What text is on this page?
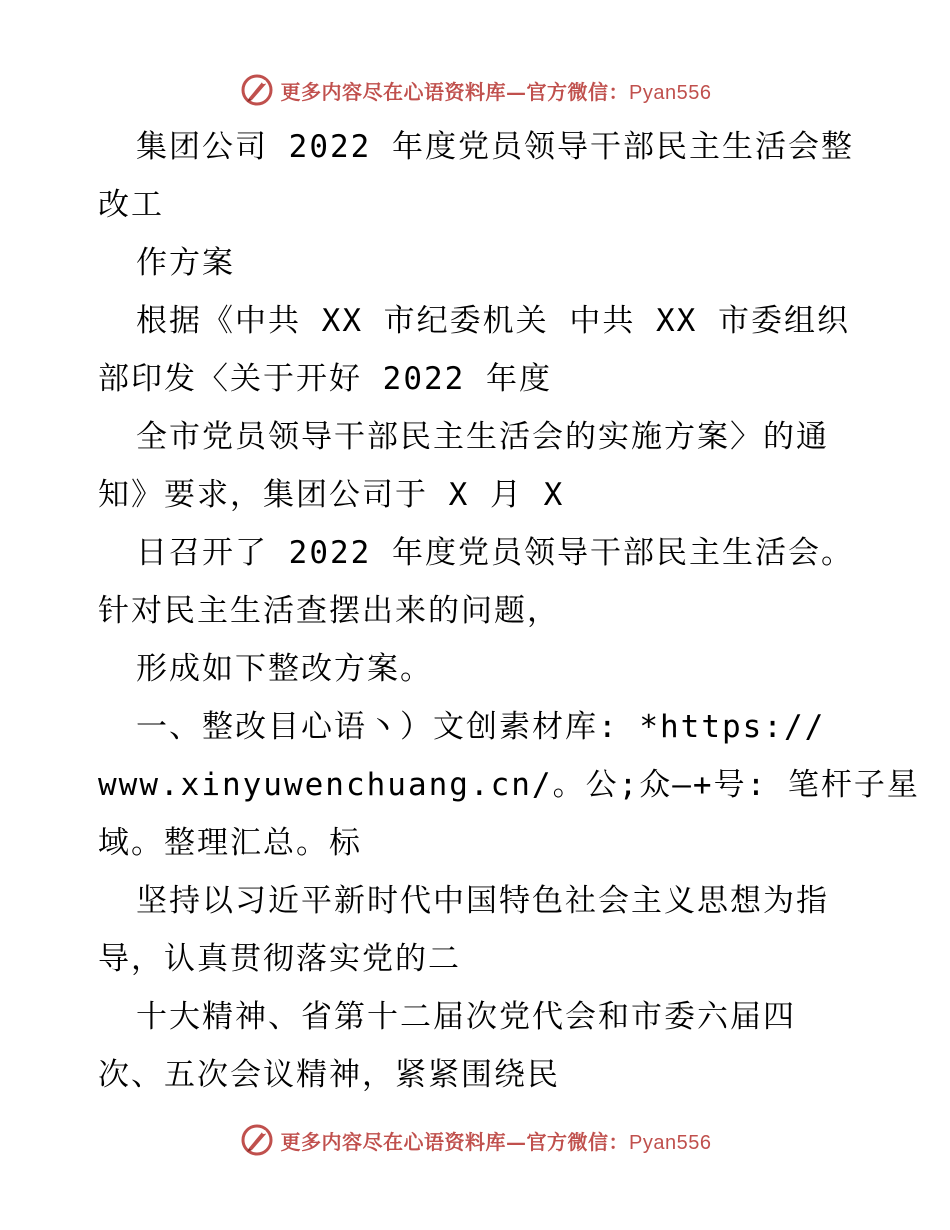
更多内容尽在心语资料库—官方微信：Pyan556

集团公司 2022 年度党员领导干部民主生活会整

改工

作方案

根据《中共 XX 市纪委机关 中共 XX 市委组织

部印发〈关于开好 2022 年度

全市党员领导干部民主生活会的实施方案〉的通

知》要求，集团公司于 X 月 X

日召开了 2022 年度党员领导干部民主生活会。

针对民主生活查摆出来的问题，

形成如下整改方案。

一、整改目心语丶）文创素材库: *https://

www.xinyuwenchuang.cn/。公;众—+号: 笔杆子星

域。整理汇总。标

坚持以习近平新时代中国特色社会主义思想为指

导，认真贯彻落实党的二

十大精神、省第十二届次党代会和市委六届四

次、五次会议精神，紧紧围绕民

更多内容尽在心语资料库—官方微信：Pyan556
